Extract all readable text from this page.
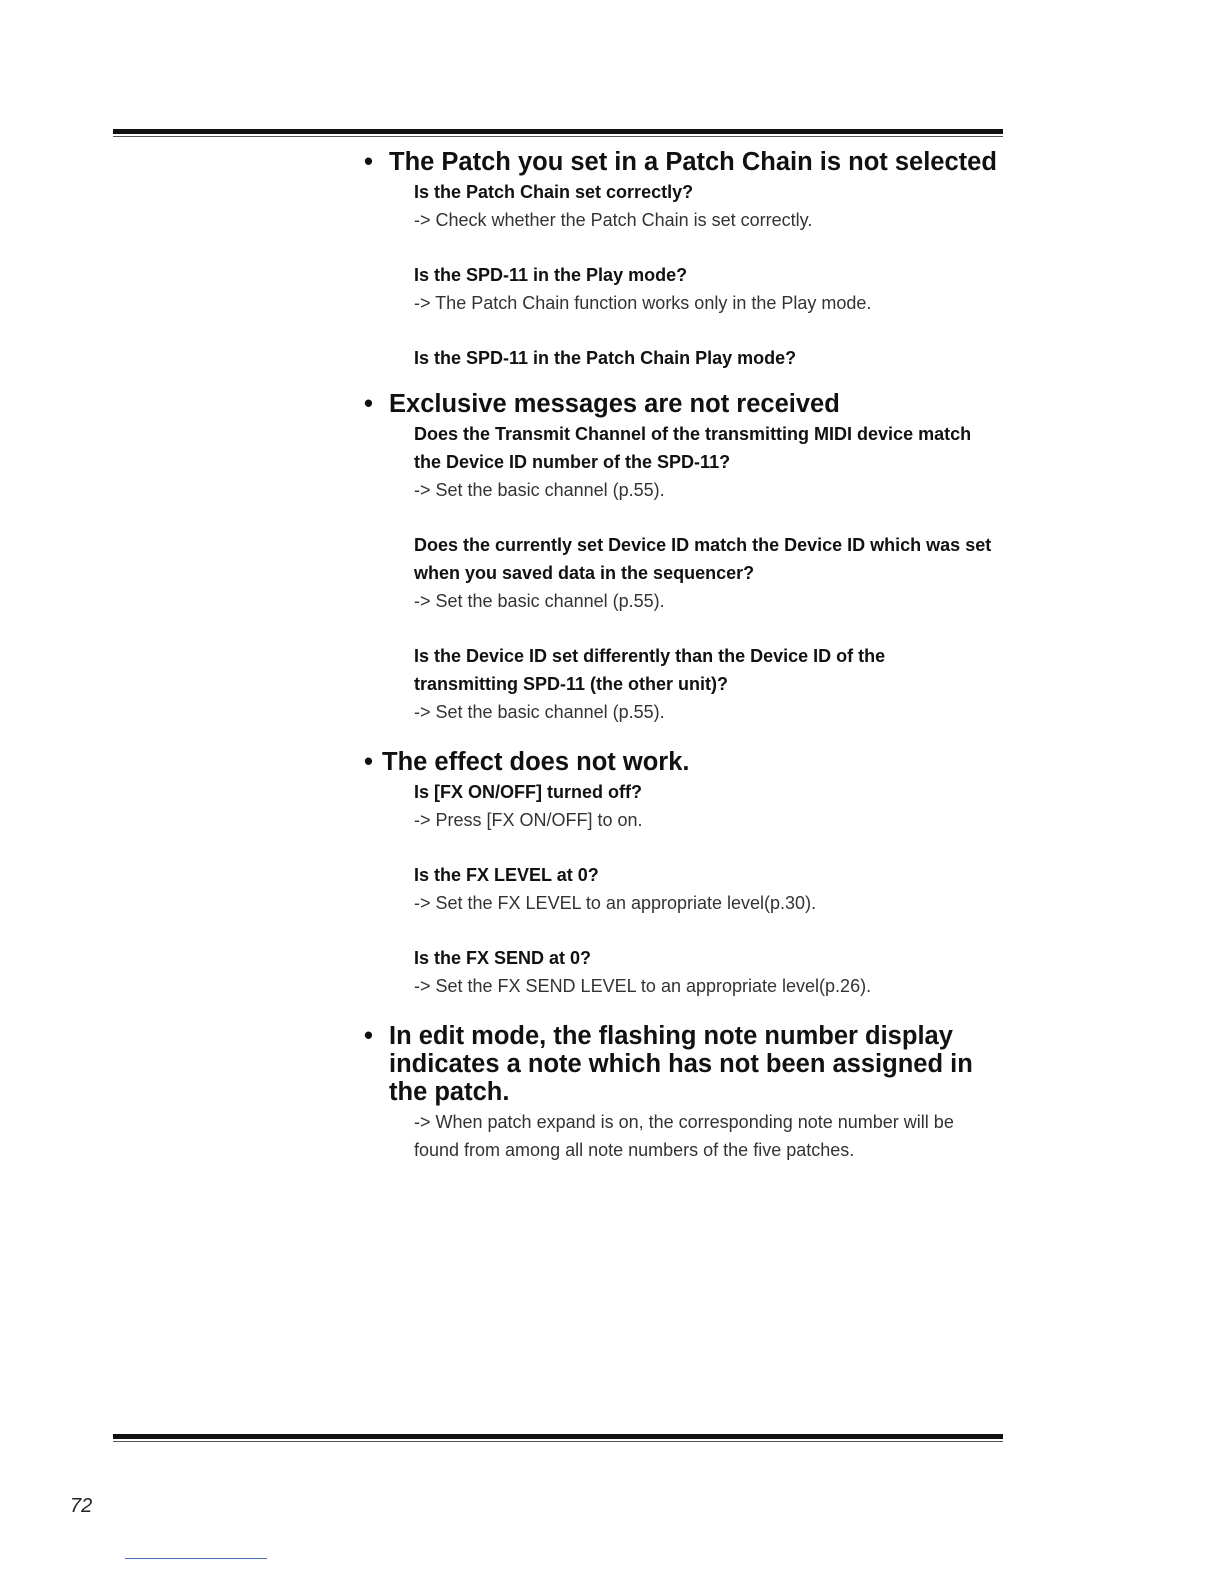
• The Patch you set in a Patch Chain is not selected
Is the Patch Chain set correctly?
-> Check whether the Patch Chain is set correctly.
Is the SPD-11 in the Play mode?
-> The Patch Chain function works only in the Play mode.
Is the SPD-11 in the Patch Chain Play mode?
• Exclusive messages are not received
Does the Transmit Channel of the transmitting MIDI device match the Device ID number of the SPD-11?
-> Set the basic channel (p.55).
Does the currently set Device ID match the Device ID which was set when you saved data in the sequencer?
-> Set the basic channel (p.55).
Is the Device ID set differently than the Device ID of the transmitting SPD-11 (the other unit)?
-> Set the basic channel (p.55).
• The effect does not work.
Is [FX ON/OFF] turned off?
-> Press [FX ON/OFF] to on.
Is the FX LEVEL at 0?
-> Set the FX LEVEL to an appropriate level(p.30).
Is the FX SEND at 0?
-> Set the FX SEND LEVEL to an appropriate level(p.26).
• In edit mode, the flashing note number display indicates a note which has not been assigned in the patch.
-> When patch expand is on, the corresponding note number will be found from among all note numbers of the five patches.
72
